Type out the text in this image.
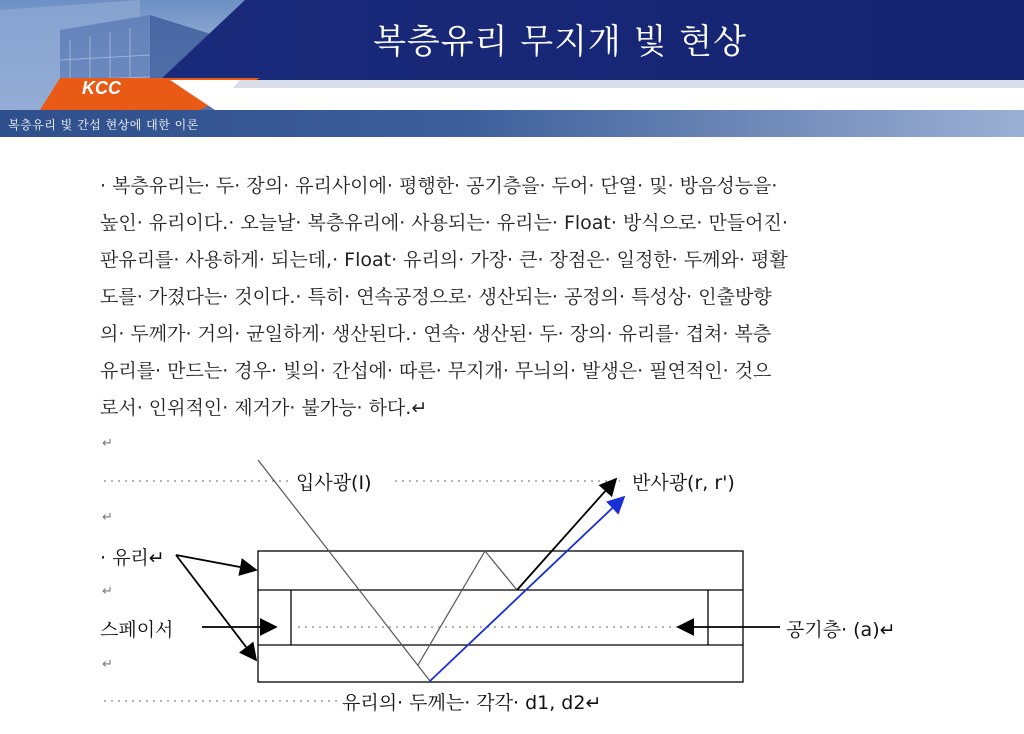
복층유리 무지개 빛 현상
KCC
복층유리 빛 간섭 현상에 대한 이론
· 복층유리는· 두· 장의· 유리사이에· 평행한· 공기층을· 두어· 단열· 및· 방음성능을·
높인· 유리이다.· 오늘날· 복층유리에· 사용되는· 유리는· Float· 방식으로· 만들어진·
판유리를· 사용하게· 되는데,· Float· 유리의· 가장· 큰· 장점은· 일정한· 두께와· 평활
도를· 가졌다는· 것이다.· 특히· 연속공정으로· 생산되는· 공정의· 특성상· 인출방향
의· 두께가· 거의· 균일하게· 생산된다.· 연속· 생산된· 두· 장의· 유리를· 겹쳐· 복층
유리를· 만드는· 경우· 빛의· 간섭에· 따른· 무지개· 무늬의· 발생은· 필연적인· 것으
로서· 인위적인· 제거가· 불가능· 하다.↵
입사광(I)	반사광(r, r')
· 유리↵
스페이서	공기층· (a)↵
유리의· 두께는· 각각· d1, d2↵
↵
↵
↵
↵
